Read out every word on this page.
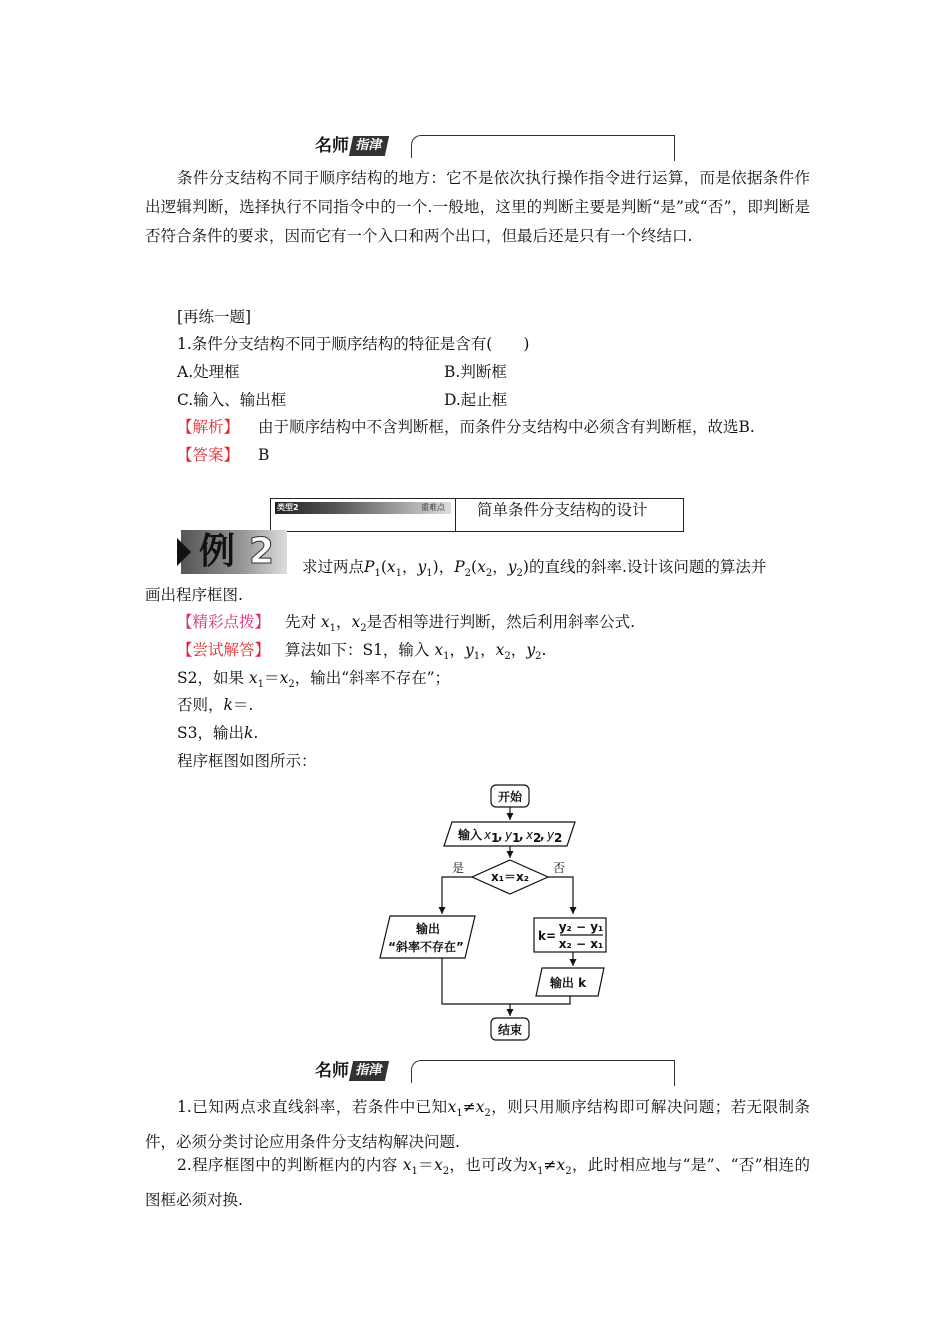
名师 指津
条件分支结构不同于顺序结构的地方：它不是依次执行操作指令进行运算，而是依据条件作出逻辑判断，选择执行不同指令中的一个.一般地，这里的判断主要是判断“是”或“否”，即判断是否符合条件的要求，因而它有一个入口和两个出口，但最后还是只有一个终结口.
[再练一题]
1.条件分支结构不同于顺序结构的特征是含有(　　)
A.处理框	B.判断框
C.输入、输出框	D.起止框
【解析】 由于顺序结构中不含判断框，而条件分支结构中必须含有判断框，故选B.
【答案】 B
类型2	重难点 简单条件分支结构的设计
例 2 求过两点$P_1(x_1$，$y_1$)，$P_2(x_2$，$y_2$)的直线的斜率.设计该问题的算法并
画出程序框图.
【精彩点拨】 先对 $x_1$，$x_2$是否相等进行判断，然后利用斜率公式.
【尝试解答】 算法如下：S1，输入 $x_1$，$y_1$，$x_2$，$y_2$.
S2，如果 $x_1=x_2$，输出“斜率不存在”；
否则，k＝.
S3，输出k.
程序框图如图所示：
开始
输入 x 1
, y 1
, x 2
, y 2
x₁＝x₂
是	否
输出
“斜率不存在”
k=
y₂ − y₁
x₂ − x₁
输出 k
结束
名师 指津
1.已知两点求直线斜率，若条件中已知$x_1\ne x_2$，则只用顺序结构即可解决问题；若无限制条件，必须分类讨论应用条件分支结构解决问题.
2.程序框图中的判断框内的内容 $x_1=x_2$，也可改为$x_1\ne x_2$，此时相应地与“是”、“否”相连的图框必须对换.
